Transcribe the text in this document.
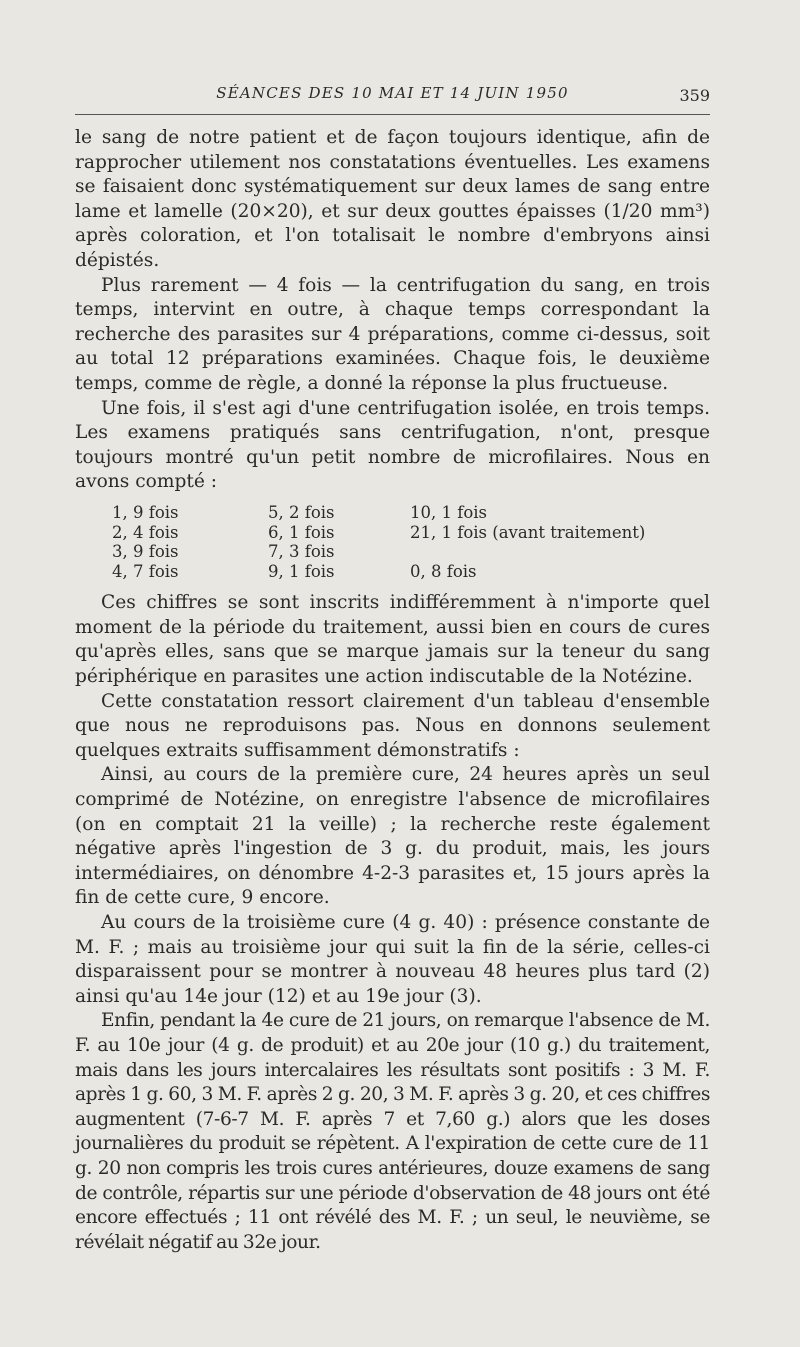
SÉANCES DES 10 MAI ET 14 JUIN 1950	359

le sang de notre patient et de façon toujours identique, afin de rapprocher utilement nos constatations éventuelles. Les examens se faisaient donc systématiquement sur deux lames de sang entre lame et lamelle (20×20), et sur deux gouttes épaisses (1/20 mm³) après coloration, et l'on totalisait le nombre d'embryons ainsi dépistés.

Plus rarement — 4 fois — la centrifugation du sang, en trois temps, intervint en outre, à chaque temps correspondant la recherche des parasites sur 4 préparations, comme ci-dessus, soit au total 12 préparations examinées. Chaque fois, le deuxième temps, comme de règle, a donné la réponse la plus fructueuse.

Une fois, il s'est agi d'une centrifugation isolée, en trois temps. Les examens pratiqués sans centrifugation, n'ont, presque toujours montré qu'un petit nombre de microfilaires. Nous en avons compté :

1, 9 fois
2, 4 fois
3, 9 fois
4, 7 fois
5, 2 fois
6, 1 fois
7, 3 fois
9, 1 fois
10, 1 fois
21, 1 fois (avant traitement)

0, 8 fois

Ces chiffres se sont inscrits indifféremment à n'importe quel moment de la période du traitement, aussi bien en cours de cures qu'après elles, sans que se marque jamais sur la teneur du sang périphérique en parasites une action indiscutable de la Notézine.

Cette constatation ressort clairement d'un tableau d'ensemble que nous ne reproduisons pas. Nous en donnons seulement quelques extraits suffisamment démonstratifs :

Ainsi, au cours de la première cure, 24 heures après un seul comprimé de Notézine, on enregistre l'absence de microfilaires (on en comptait 21 la veille) ; la recherche reste également négative après l'ingestion de 3 g. du produit, mais, les jours intermédiaires, on dénombre 4-2-3 parasites et, 15 jours après la fin de cette cure, 9 encore.

Au cours de la troisième cure (4 g. 40) : présence constante de M. F. ; mais au troisième jour qui suit la fin de la série, celles-ci disparaissent pour se montrer à nouveau 48 heures plus tard (2) ainsi qu'au 14e jour (12) et au 19e jour (3).

Enfin, pendant la 4e cure de 21 jours, on remarque l'absence de M. F. au 10e jour (4 g. de produit) et au 20e jour (10 g.) du traitement, mais dans les jours intercalaires les résultats sont positifs : 3 M. F. après 1 g. 60, 3 M. F. après 2 g. 20, 3 M. F. après 3 g. 20, et ces chiffres augmentent (7-6-7 M. F. après 7 et 7,60 g.) alors que les doses journalières du produit se répètent. A l'expiration de cette cure de 11 g. 20 non compris les trois cures antérieures, douze examens de sang de contrôle, répartis sur une période d'observation de 48 jours ont été encore effectués ; 11 ont révélé des M. F. ; un seul, le neuvième, se révélait négatif au 32e jour.
